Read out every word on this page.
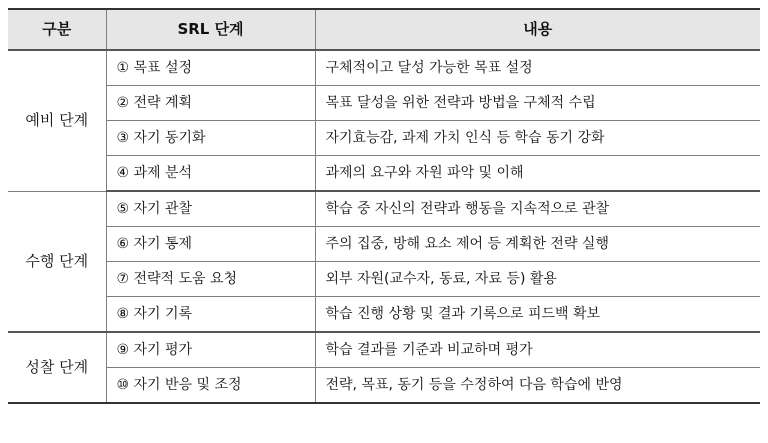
구분	SRL 단계	내용
예비 단계	① 목표 설정	구체적이고 달성 가능한 목표 설정
	② 전략 계획	목표 달성을 위한 전략과 방법을 구체적 수립
	③ 자기 동기화	자기효능감, 과제 가치 인식 등 학습 동기 강화
	④ 과제 분석	과제의 요구와 자원 파악 및 이해
수행 단계	⑤ 자기 관찰	학습 중 자신의 전략과 행동을 지속적으로 관찰
	⑥ 자기 통제	주의 집중, 방해 요소 제어 등 계획한 전략 실행
	⑦ 전략적 도움 요청	외부 자원(교수자, 동료, 자료 등) 활용
	⑧ 자기 기록	학습 진행 상황 및 결과 기록으로 피드백 확보
성찰 단계	⑨ 자기 평가	학습 결과를 기준과 비교하며 평가
	⑩ 자기 반응 및 조정	전략, 목표, 동기 등을 수정하여 다음 학습에 반영
